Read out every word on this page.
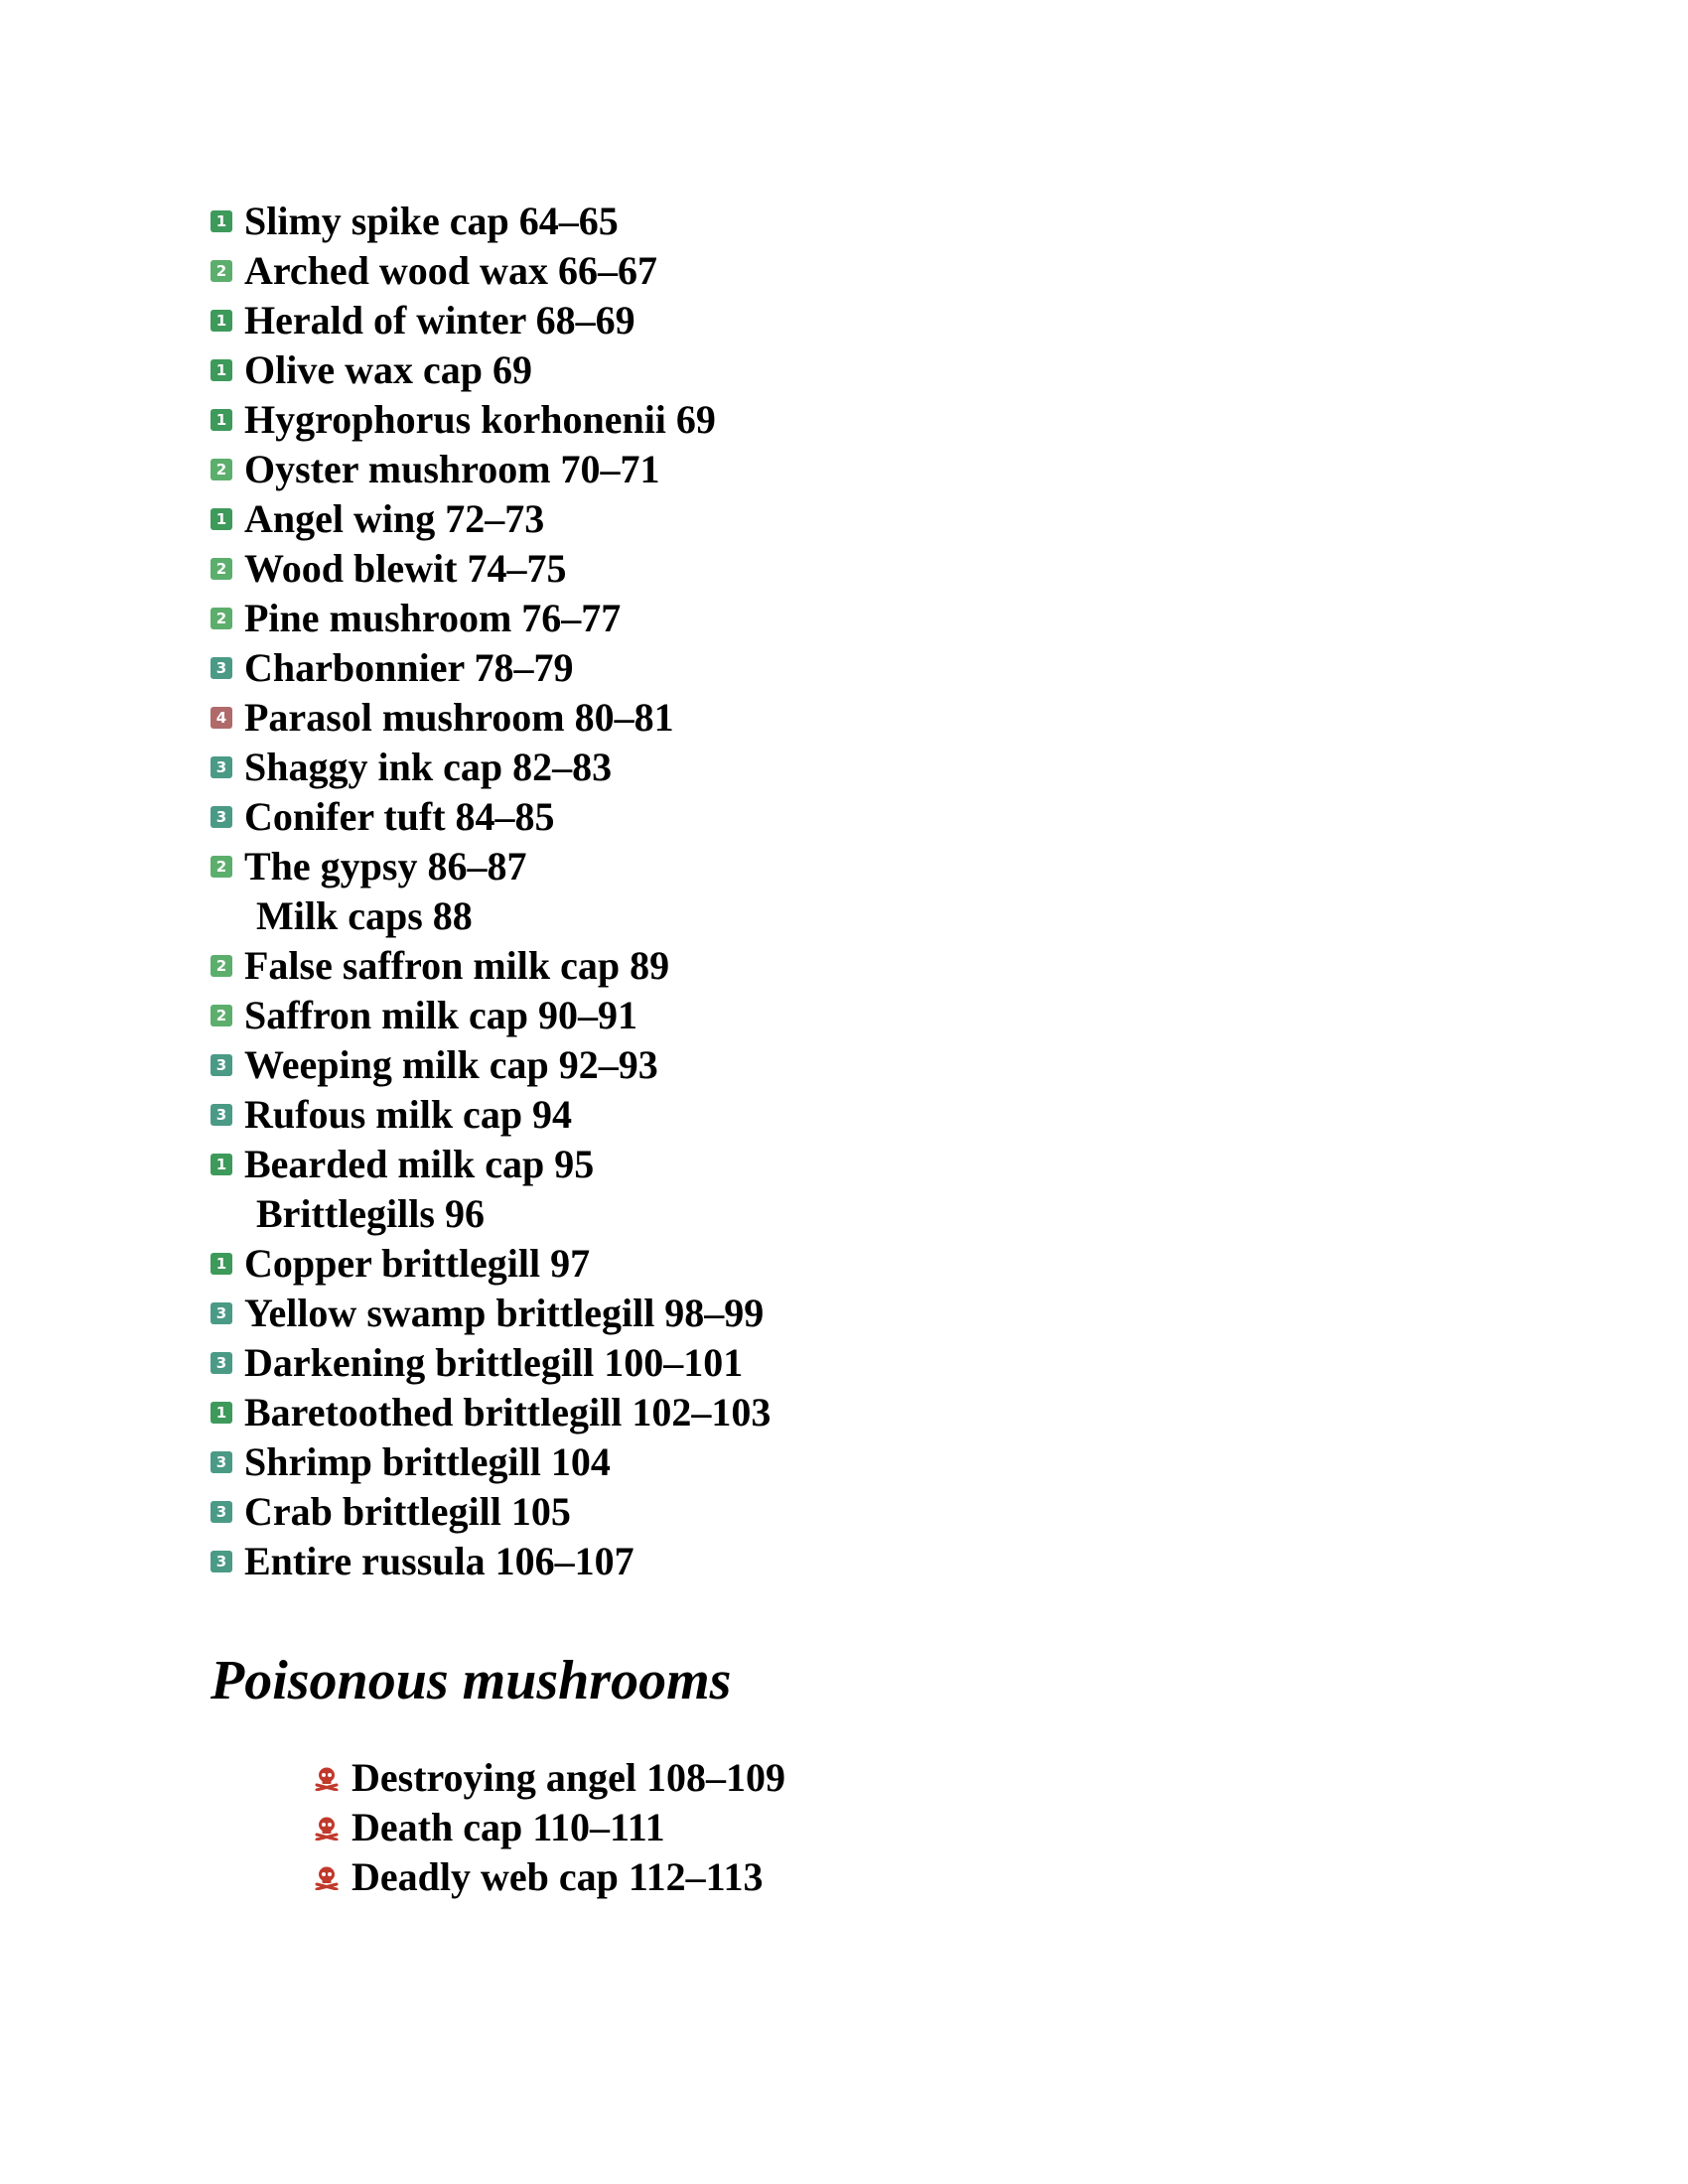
1 Slimy spike cap 64–65
2 Arched wood wax 66–67
1 Herald of winter 68–69
1 Olive wax cap 69
1 Hygrophorus korhonenii 69
2 Oyster mushroom 70–71
1 Angel wing 72–73
2 Wood blewit 74–75
2 Pine mushroom 76–77
3 Charbonnier 78–79
4 Parasol mushroom 80–81
3 Shaggy ink cap 82–83
3 Conifer tuft 84–85
2 The gypsy 86–87
Milk caps 88
2 False saffron milk cap 89
2 Saffron milk cap 90–91
3 Weeping milk cap 92–93
3 Rufous milk cap 94
1 Bearded milk cap 95
Brittlegills 96
1 Copper brittlegill 97
3 Yellow swamp brittlegill 98–99
3 Darkening brittlegill 100–101
1 Baretoothed brittlegill 102–103
3 Shrimp brittlegill 104
3 Crab brittlegill 105
3 Entire russula 106–107
Poisonous mushrooms
Destroying angel 108–109
Death cap 110–111
Deadly web cap 112–113
